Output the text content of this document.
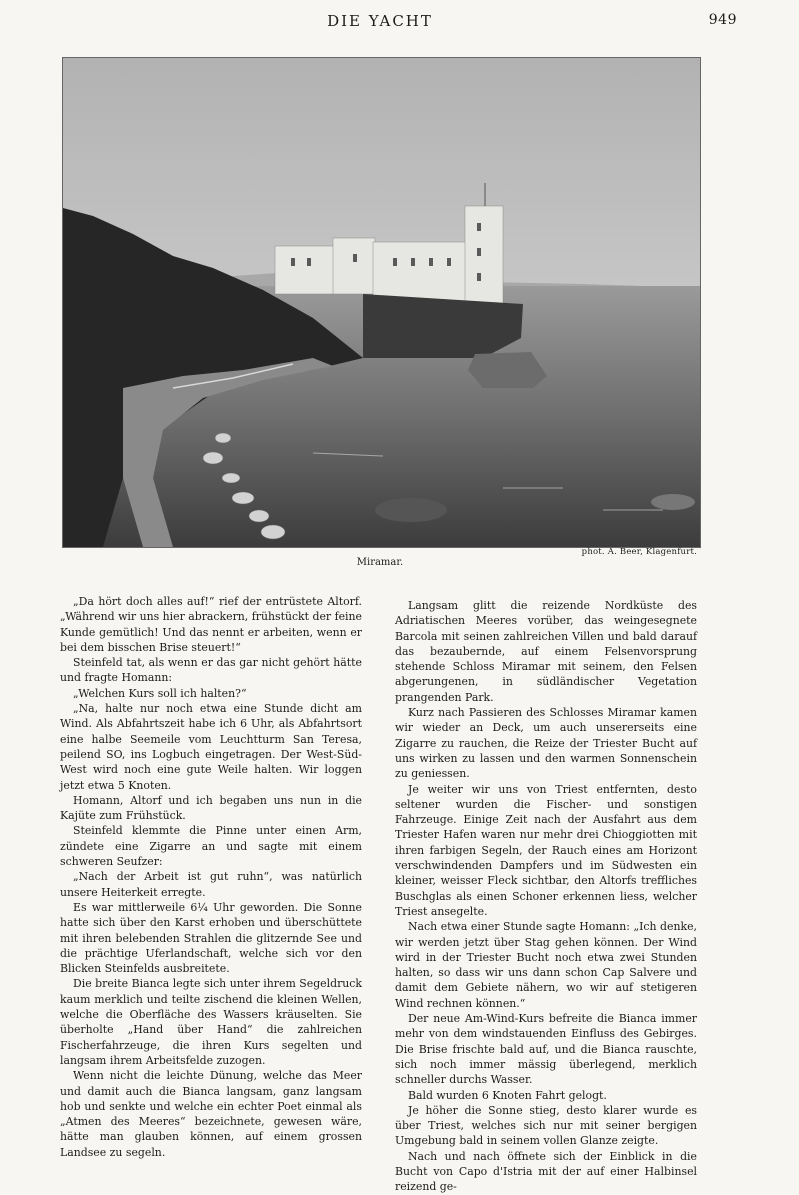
DIE YACHT	949
phot. A. Beer, Klagenfurt.
Miramar.

„Da hört doch alles auf!“ rief der entrüstete Altorf. „Während wir uns hier abrackern, frühstückt der feine Kunde gemütlich! Und das nennt er arbeiten, wenn er bei dem bisschen Brise steuert!“

Steinfeld tat, als wenn er das gar nicht gehört hätte und fragte Homann:

„Welchen Kurs soll ich halten?“

„Na, halte nur noch etwa eine Stunde dicht am Wind. Als Abfahrtszeit habe ich 6 Uhr, als Abfahrtsort eine halbe Seemeile vom Leuchtturm San Teresa, peilend SO, ins Logbuch eingetragen. Der West-Süd-West wird noch eine gute Weile halten. Wir loggen jetzt etwa 5 Knoten.

Homann, Altorf und ich begaben uns nun in die Kajüte zum Frühstück.

Steinfeld klemmte die Pinne unter einen Arm, zündete eine Zigarre an und sagte mit einem schweren Seufzer:

„Nach der Arbeit ist gut ruhn“, was natürlich unsere Heiterkeit erregte.

Es war mittlerweile 6¼ Uhr geworden. Die Sonne hatte sich über den Karst erhoben und überschüttete mit ihren belebenden Strahlen die glitzernde See und die prächtige Uferlandschaft, welche sich vor den Blicken Steinfelds ausbreitete.

Die breite Bianca legte sich unter ihrem Segeldruck kaum merklich und teilte zischend die kleinen Wellen, welche die Oberfläche des Wassers kräuselten. Sie überholte „Hand über Hand“ die zahlreichen Fischerfahrzeuge, die ihren Kurs segelten und langsam ihrem Arbeitsfelde zuzogen.

Wenn nicht die leichte Dünung, welche das Meer und damit auch die Bianca langsam, ganz langsam hob und senkte und welche ein echter Poet einmal als „Atmen des Meeres“ bezeichnete, gewesen wäre, hätte man glauben können, auf einem grossen Landsee zu segeln.

Langsam glitt die reizende Nordküste des Adriatischen Meeres vorüber, das weingesegnete Barcola mit seinen zahlreichen Villen und bald darauf das bezaubernde, auf einem Felsenvorsprung stehende Schloss Miramar mit seinem, den Felsen abgerungenen, in südländischer Vegetation prangenden Park.

Kurz nach Passieren des Schlosses Miramar kamen wir wieder an Deck, um auch unsererseits eine Zigarre zu rauchen, die Reize der Triester Bucht auf uns wirken zu lassen und den warmen Sonnenschein zu geniessen.

Je weiter wir uns von Triest entfernten, desto seltener wurden die Fischer- und sonstigen Fahrzeuge. Einige Zeit nach der Ausfahrt aus dem Triester Hafen waren nur mehr drei Chioggiotten mit ihren farbigen Segeln, der Rauch eines am Horizont verschwindenden Dampfers und im Südwesten ein kleiner, weisser Fleck sichtbar, den Altorfs treffliches Buschglas als einen Schoner erkennen liess, welcher Triest ansegelte.

Nach etwa einer Stunde sagte Homann: „Ich denke, wir werden jetzt über Stag gehen können. Der Wind wird in der Triester Bucht noch etwa zwei Stunden halten, so dass wir uns dann schon Cap Salvere und damit dem Gebiete nähern, wo wir auf stetigeren Wind rechnen können.“

Der neue Am-Wind-Kurs befreite die Bianca immer mehr von dem windstauenden Einfluss des Gebirges. Die Brise frischte bald auf, und die Bianca rauschte, sich noch immer mässig überlegend, merklich schneller durchs Wasser.

Bald wurden 6 Knoten Fahrt gelogt.

Je höher die Sonne stieg, desto klarer wurde es über Triest, welches sich nur mit seiner bergigen Umgebung bald in seinem vollen Glanze zeigte.

Nach und nach öffnete sich der Einblick in die Bucht von Capo d'Istria mit der auf einer Halbinsel reizend ge-
